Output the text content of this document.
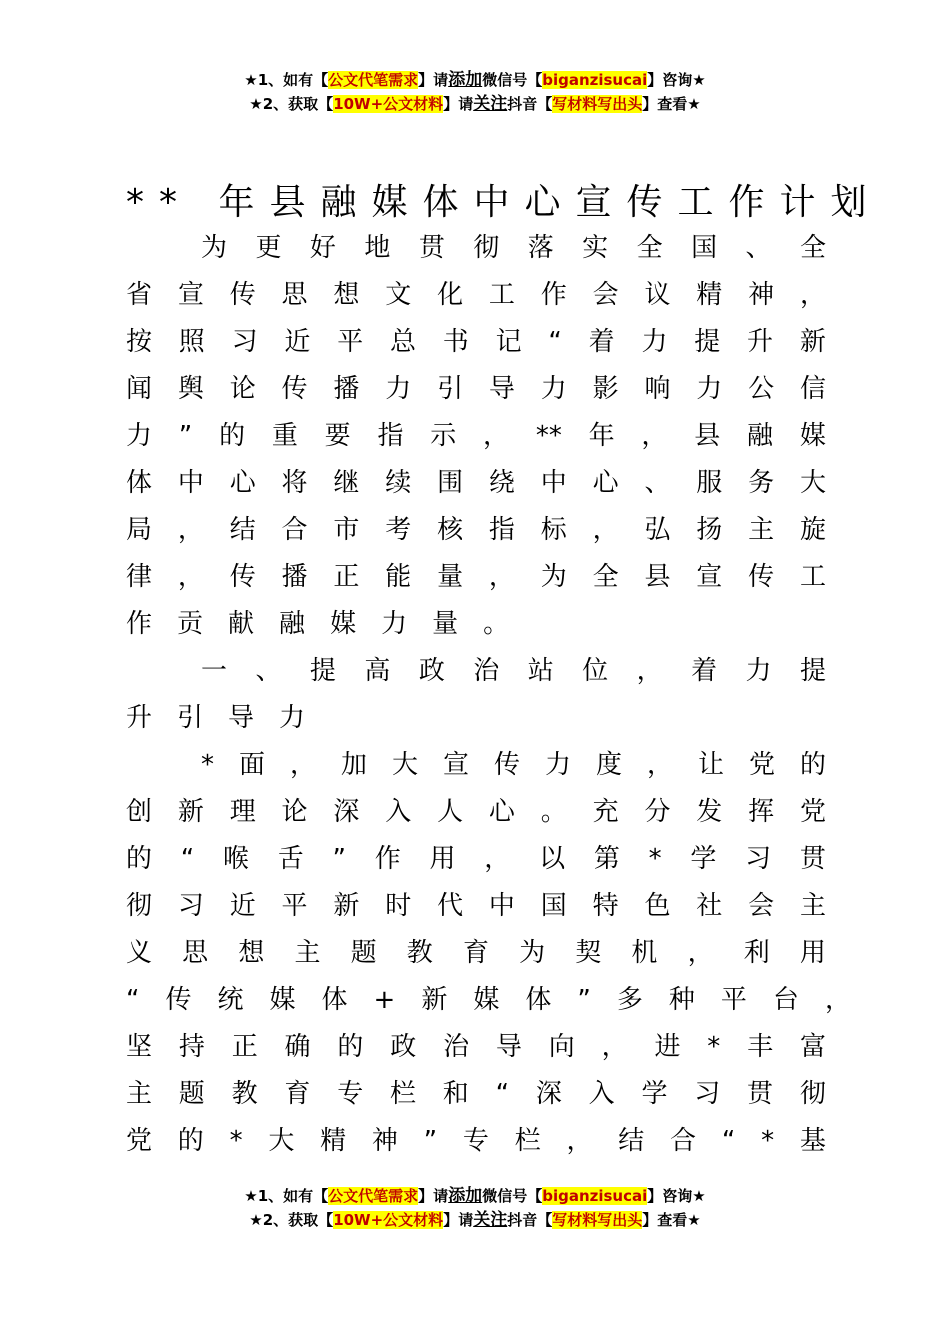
★1、如有【公文代笔需求】请添加微信号【biganzisucai】咨询★
★2、获取【10W+公文材料】请关注抖音【写材料写出头】查看★
** 年县融媒体中心宣传工作计划
为 更 好 地 贯 彻 落 实 全 国 、 全
省 宣 传 思 想 文 化 工 作 会 议 精 神 ，
按 照 习 近 平 总 书 记 “ 着 力 提 升 新
闻 舆 论 传 播 力 引 导 力 影 响 力 公 信
力 ” 的 重 要 指 示 ， ** 年 ， 县 融 媒
体 中 心 将 继 续 围 绕 中 心 、 服 务 大
局 ， 结 合 市 考 核 指 标 ， 弘 扬 主 旋
律 ， 传 播 正 能 量 ， 为 全 县 宣 传 工
作 贡 献 融 媒 力 量 。
一 、 提 高 政 治 站 位 ， 着 力 提
升 引 导 力
* 面 ， 加 大 宣 传 力 度 ， 让 党 的
创 新 理 论 深 入 人 心 。 充 分 发 挥 党
的 “ 喉 舌 ” 作 用 ， 以 第 * 学 习 贯
彻 习 近 平 新 时 代 中 国 特 色 社 会 主
义 思 想 主 题 教 育 为 契 机 ， 利 用
“ 传 统 媒 体 + 新 媒 体 ” 多 种 平 台 ，
坚 持 正 确 的 政 治 导 向 ， 进 * 丰 富
主 题 教 育 专 栏 和 “ 深 入 学 习 贯 彻
党 的 * 大 精 神 ” 专 栏 ， 结 合 “ * 基
★1、如有【公文代笔需求】请添加微信号【biganzisucai】咨询★
★2、获取【10W+公文材料】请关注抖音【写材料写出头】查看★
